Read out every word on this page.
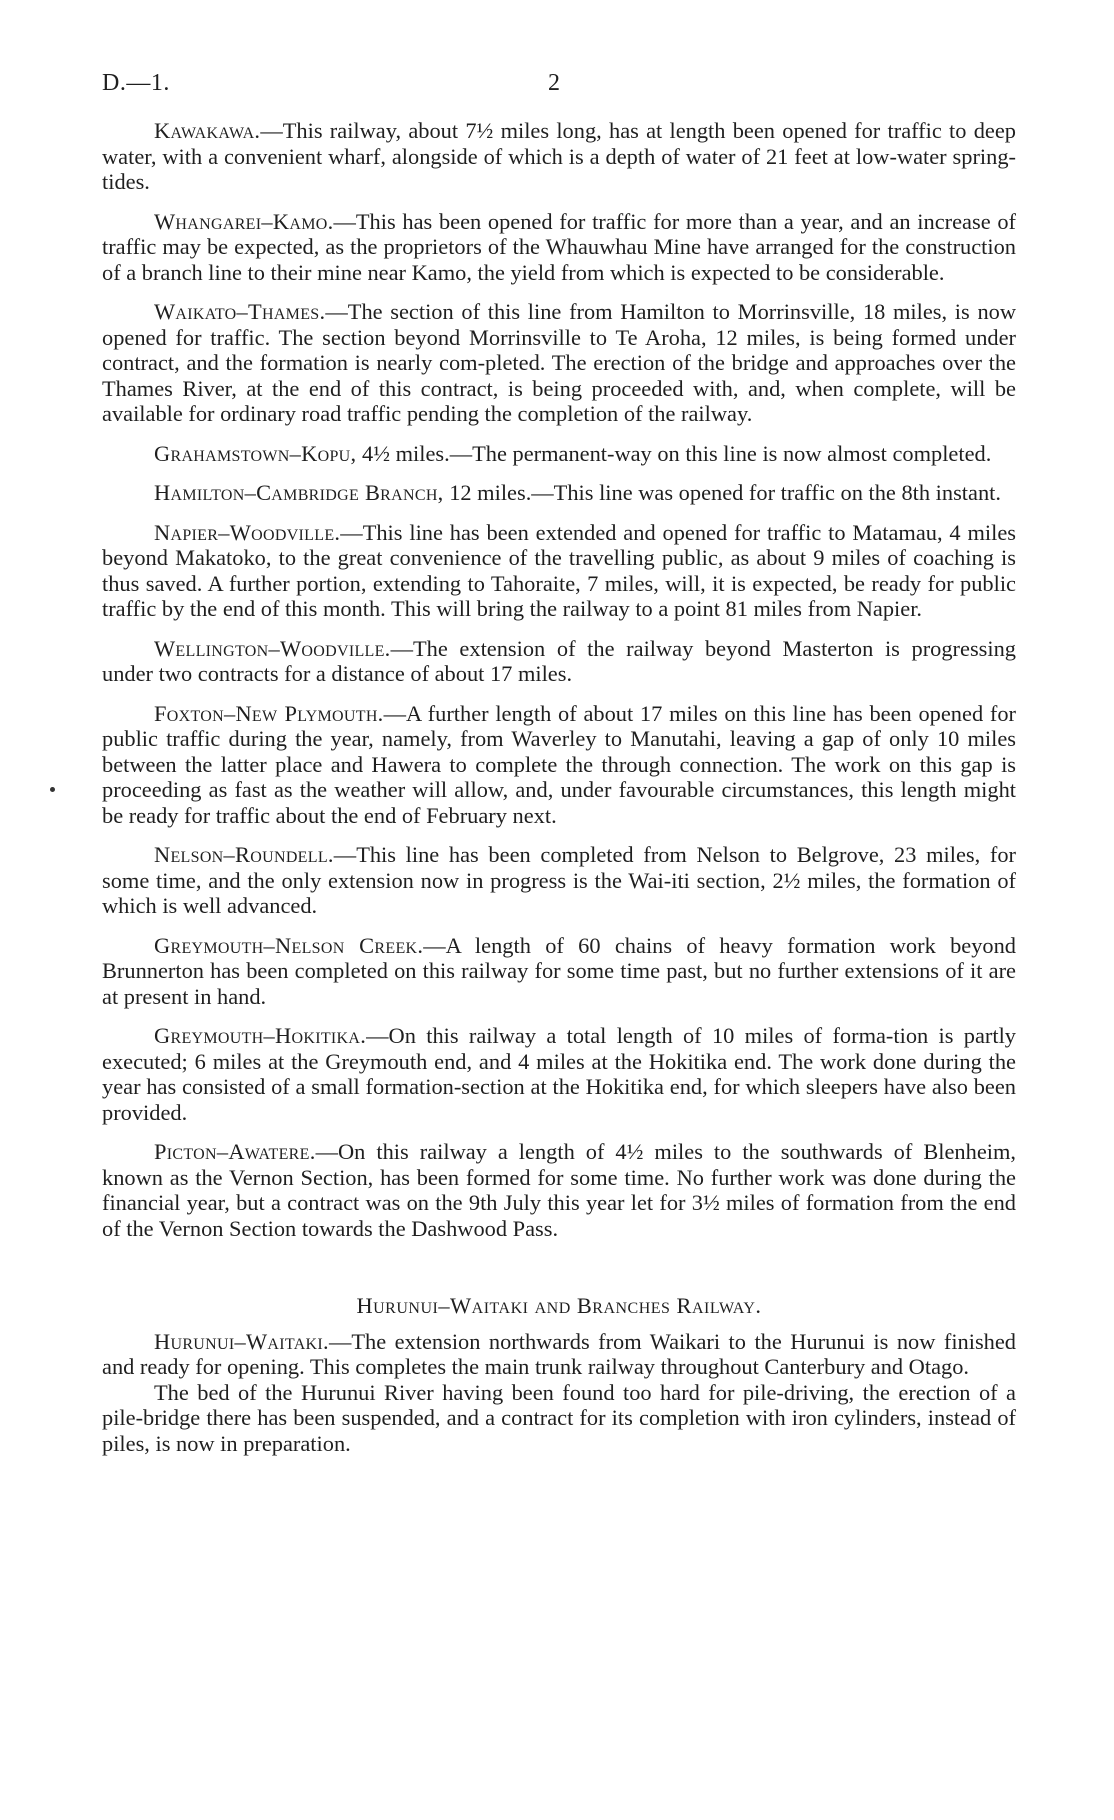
D.—1.	2

Kawakawa.—This railway, about 7½ miles long, has at length been opened for traffic to deep water, with a convenient wharf, alongside of which is a depth of water of 21 feet at low-water spring-tides.

Whangarei–Kamo.—This has been opened for traffic for more than a year, and an increase of traffic may be expected, as the proprietors of the Whauwhau Mine have arranged for the construction of a branch line to their mine near Kamo, the yield from which is expected to be considerable.

Waikato–Thames.—The section of this line from Hamilton to Morrinsville, 18 miles, is now opened for traffic. The section beyond Morrinsville to Te Aroha, 12 miles, is being formed under contract, and the formation is nearly com-pleted. The erection of the bridge and approaches over the Thames River, at the end of this contract, is being proceeded with, and, when complete, will be available for ordinary road traffic pending the completion of the railway.

Grahamstown–Kopu, 4½ miles.—The permanent-way on this line is now almost completed.

Hamilton–Cambridge Branch, 12 miles.—This line was opened for traffic on the 8th instant.

Napier–Woodville.—This line has been extended and opened for traffic to Matamau, 4 miles beyond Makatoko, to the great convenience of the travelling public, as about 9 miles of coaching is thus saved. A further portion, extending to Tahoraite, 7 miles, will, it is expected, be ready for public traffic by the end of this month. This will bring the railway to a point 81 miles from Napier.

Wellington–Woodville.—The extension of the railway beyond Masterton is progressing under two contracts for a distance of about 17 miles.

Foxton–New Plymouth.—A further length of about 17 miles on this line has been opened for public traffic during the year, namely, from Waverley to Manutahi, leaving a gap of only 10 miles between the latter place and Hawera to complete the through connection. The work on this gap is proceeding as fast as the weather will allow, and, under favourable circumstances, this length might be ready for traffic about the end of February next.

Nelson–Roundell.—This line has been completed from Nelson to Belgrove, 23 miles, for some time, and the only extension now in progress is the Wai-iti section, 2½ miles, the formation of which is well advanced.

Greymouth–Nelson Creek.—A length of 60 chains of heavy formation work beyond Brunnerton has been completed on this railway for some time past, but no further extensions of it are at present in hand.

Greymouth–Hokitika.—On this railway a total length of 10 miles of forma-tion is partly executed; 6 miles at the Greymouth end, and 4 miles at the Hokitika end. The work done during the year has consisted of a small formation-section at the Hokitika end, for which sleepers have also been provided.

Picton–Awatere.—On this railway a length of 4½ miles to the southwards of Blenheim, known as the Vernon Section, has been formed for some time. No further work was done during the financial year, but a contract was on the 9th July this year let for 3½ miles of formation from the end of the Vernon Section towards the Dashwood Pass.

Hurunui–Waitaki and Branches Railway.

Hurunui–Waitaki.—The extension northwards from Waikari to the Hurunui is now finished and ready for opening. This completes the main trunk railway throughout Canterbury and Otago.

The bed of the Hurunui River having been found too hard for pile-driving, the erection of a pile-bridge there has been suspended, and a contract for its completion with iron cylinders, instead of piles, is now in preparation.
